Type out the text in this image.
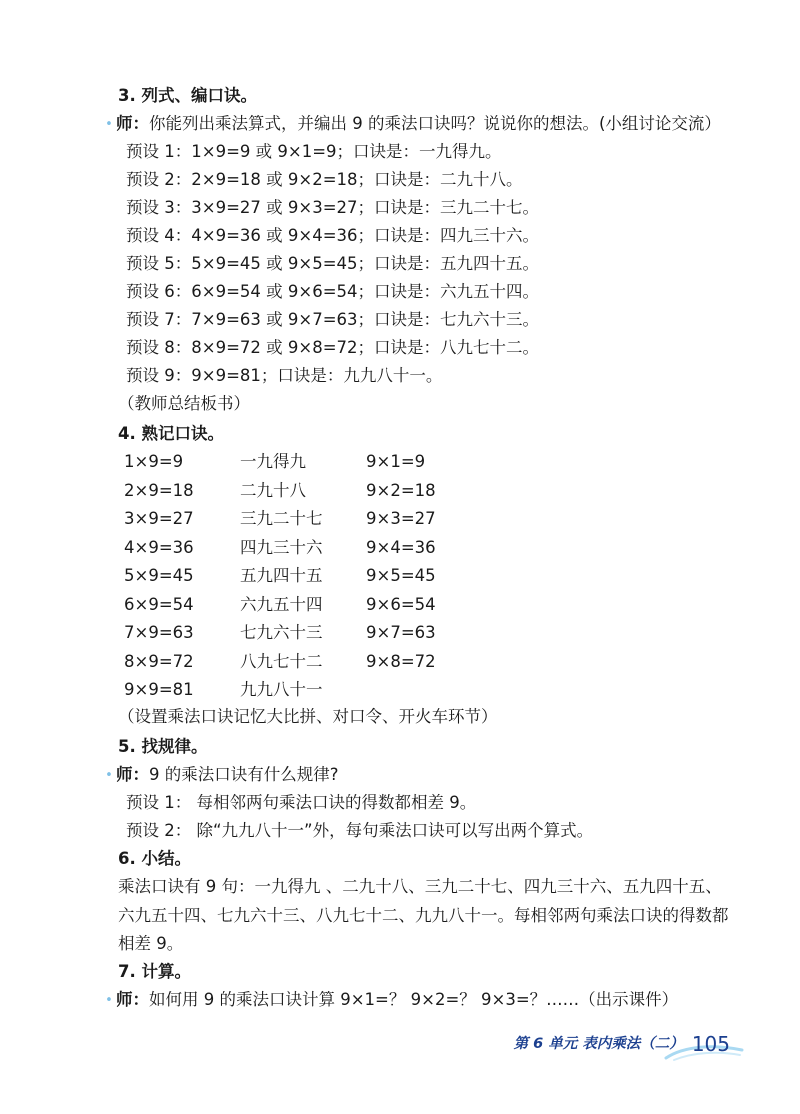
3. 列式、编口诀。
• 师：你能列出乘法算式，并编出 9 的乘法口诀吗？说说你的想法。(小组讨论交流）
预设 1：1×9=9 或 9×1=9；口诀是：一九得九。
预设 2：2×9=18 或 9×2=18；口诀是：二九十八。
预设 3：3×9=27 或 9×3=27；口诀是：三九二十七。
预设 4：4×9=36 或 9×4=36；口诀是：四九三十六。
预设 5：5×9=45 或 9×5=45；口诀是：五九四十五。
预设 6：6×9=54 或 9×6=54；口诀是：六九五十四。
预设 7：7×9=63 或 9×7=63；口诀是：七九六十三。
预设 8：8×9=72 或 9×8=72；口诀是：八九七十二。
预设 9：9×9=81；口诀是：九九八十一。
（教师总结板书）
4. 熟记口诀。
1×9=9	一九得九	9×1=9
2×9=18	二九十八	9×2=18
3×9=27	三九二十七	9×3=27
4×9=36	四九三十六	9×4=36
5×9=45	五九四十五	9×5=45
6×9=54	六九五十四	9×6=54
7×9=63	七九六十三	9×7=63
8×9=72	八九七十二	9×8=72
9×9=81	九九八十一
（设置乘法口诀记忆大比拼、对口令、开火车环节）
5. 找规律。
• 师：9 的乘法口诀有什么规律?
预设 1： 每相邻两句乘法口诀的得数都相差 9。
预设 2： 除“九九八十一”外，每句乘法口诀可以写出两个算式。
6. 小结。
乘法口诀有 9 句：一九得九 、二九十八、三九二十七、四九三十六、五九四十五、六九五十四、七九六十三、八九七十二、九九八十一。每相邻两句乘法口诀的得数都相差 9。
7. 计算。
• 师：如何用 9 的乘法口诀计算 9×1=？ 9×2=？ 9×3=？……（出示课件）
第 6 单元 表内乘法（二） 105
